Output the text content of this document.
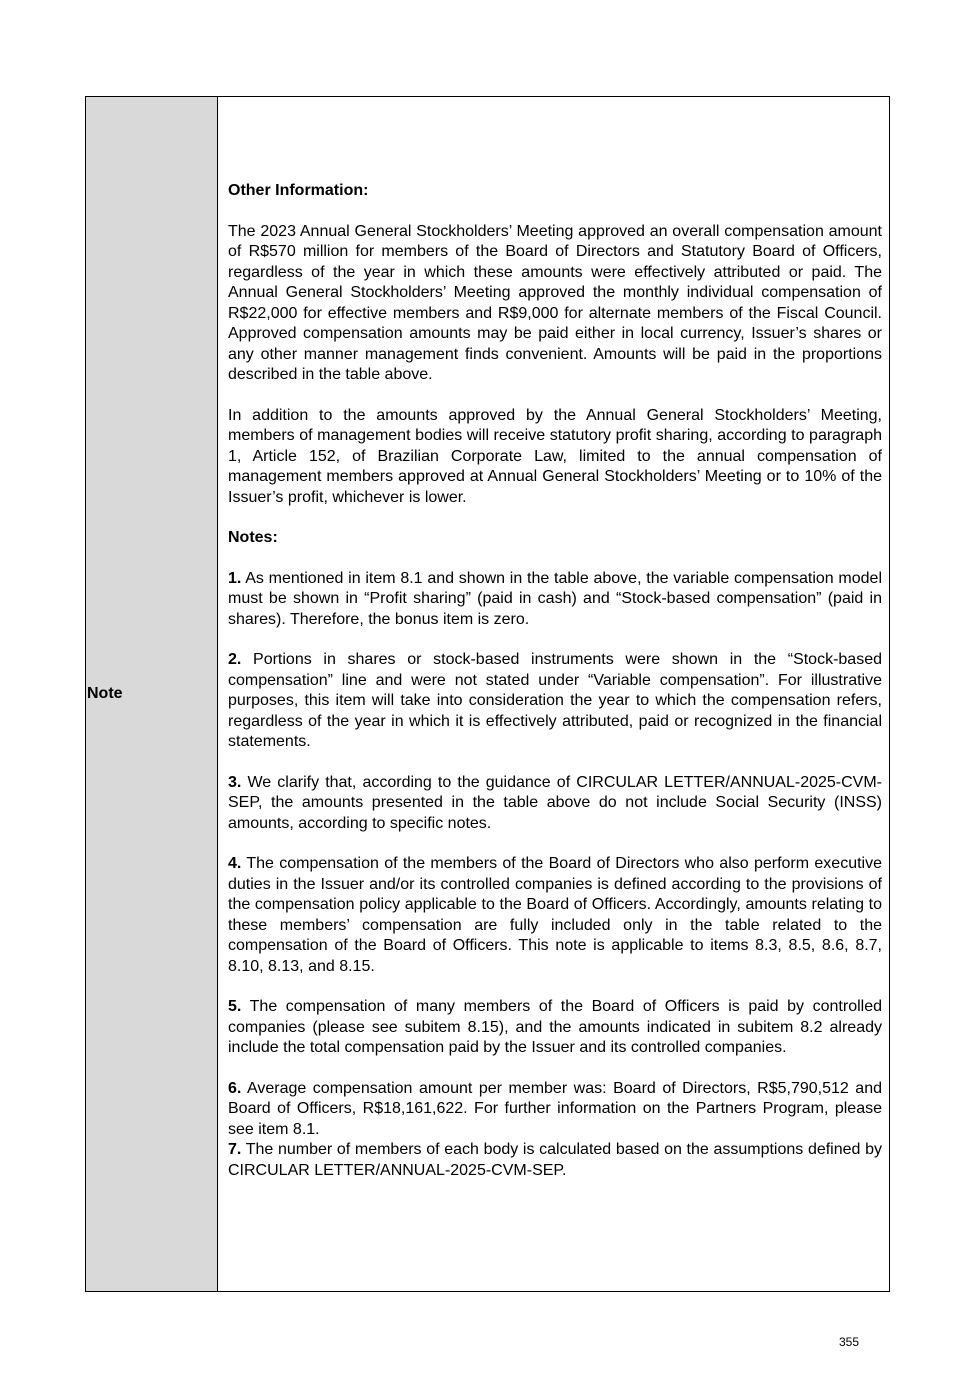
Note

Other Information:

The 2023 Annual General Stockholders’ Meeting approved an overall compensation amount of R$570 million for members of the Board of Directors and Statutory Board of Officers, regardless of the year in which these amounts were effectively attributed or paid. The Annual General Stockholders’ Meeting approved the monthly individual compensation of R$22,000 for effective members and R$9,000 for alternate members of the Fiscal Council. Approved compensation amounts may be paid either in local currency, Issuer’s shares or any other manner management finds convenient. Amounts will be paid in the proportions described in the table above.

In addition to the amounts approved by the Annual General Stockholders’ Meeting, members of management bodies will receive statutory profit sharing, according to paragraph 1, Article 152, of Brazilian Corporate Law, limited to the annual compensation of management members approved at Annual General Stockholders’ Meeting or to 10% of the Issuer’s profit, whichever is lower.

Notes:

1. As mentioned in item 8.1 and shown in the table above, the variable compensation model must be shown in “Profit sharing” (paid in cash) and “Stock-based compensation” (paid in shares). Therefore, the bonus item is zero.

2. Portions in shares or stock-based instruments were shown in the “Stock-based compensation” line and were not stated under “Variable compensation”. For illustrative purposes, this item will take into consideration the year to which the compensation refers, regardless of the year in which it is effectively attributed, paid or recognized in the financial statements.

3. We clarify that, according to the guidance of CIRCULAR LETTER/ANNUAL-2025-CVM-SEP, the amounts presented in the table above do not include Social Security (INSS) amounts, according to specific notes.

4. The compensation of the members of the Board of Directors who also perform executive duties in the Issuer and/or its controlled companies is defined according to the provisions of the compensation policy applicable to the Board of Officers. Accordingly, amounts relating to these members’ compensation are fully included only in the table related to the compensation of the Board of Officers. This note is applicable to items 8.3, 8.5, 8.6, 8.7, 8.10, 8.13, and 8.15.

5. The compensation of many members of the Board of Officers is paid by controlled companies (please see subitem 8.15), and the amounts indicated in subitem 8.2 already include the total compensation paid by the Issuer and its controlled companies.

6. Average compensation amount per member was: Board of Directors, R$5,790,512 and Board of Officers, R$18,161,622. For further information on the Partners Program, please see item 8.1.

7. The number of members of each body is calculated based on the assumptions defined by CIRCULAR LETTER/ANNUAL-2025-CVM-SEP.

355
